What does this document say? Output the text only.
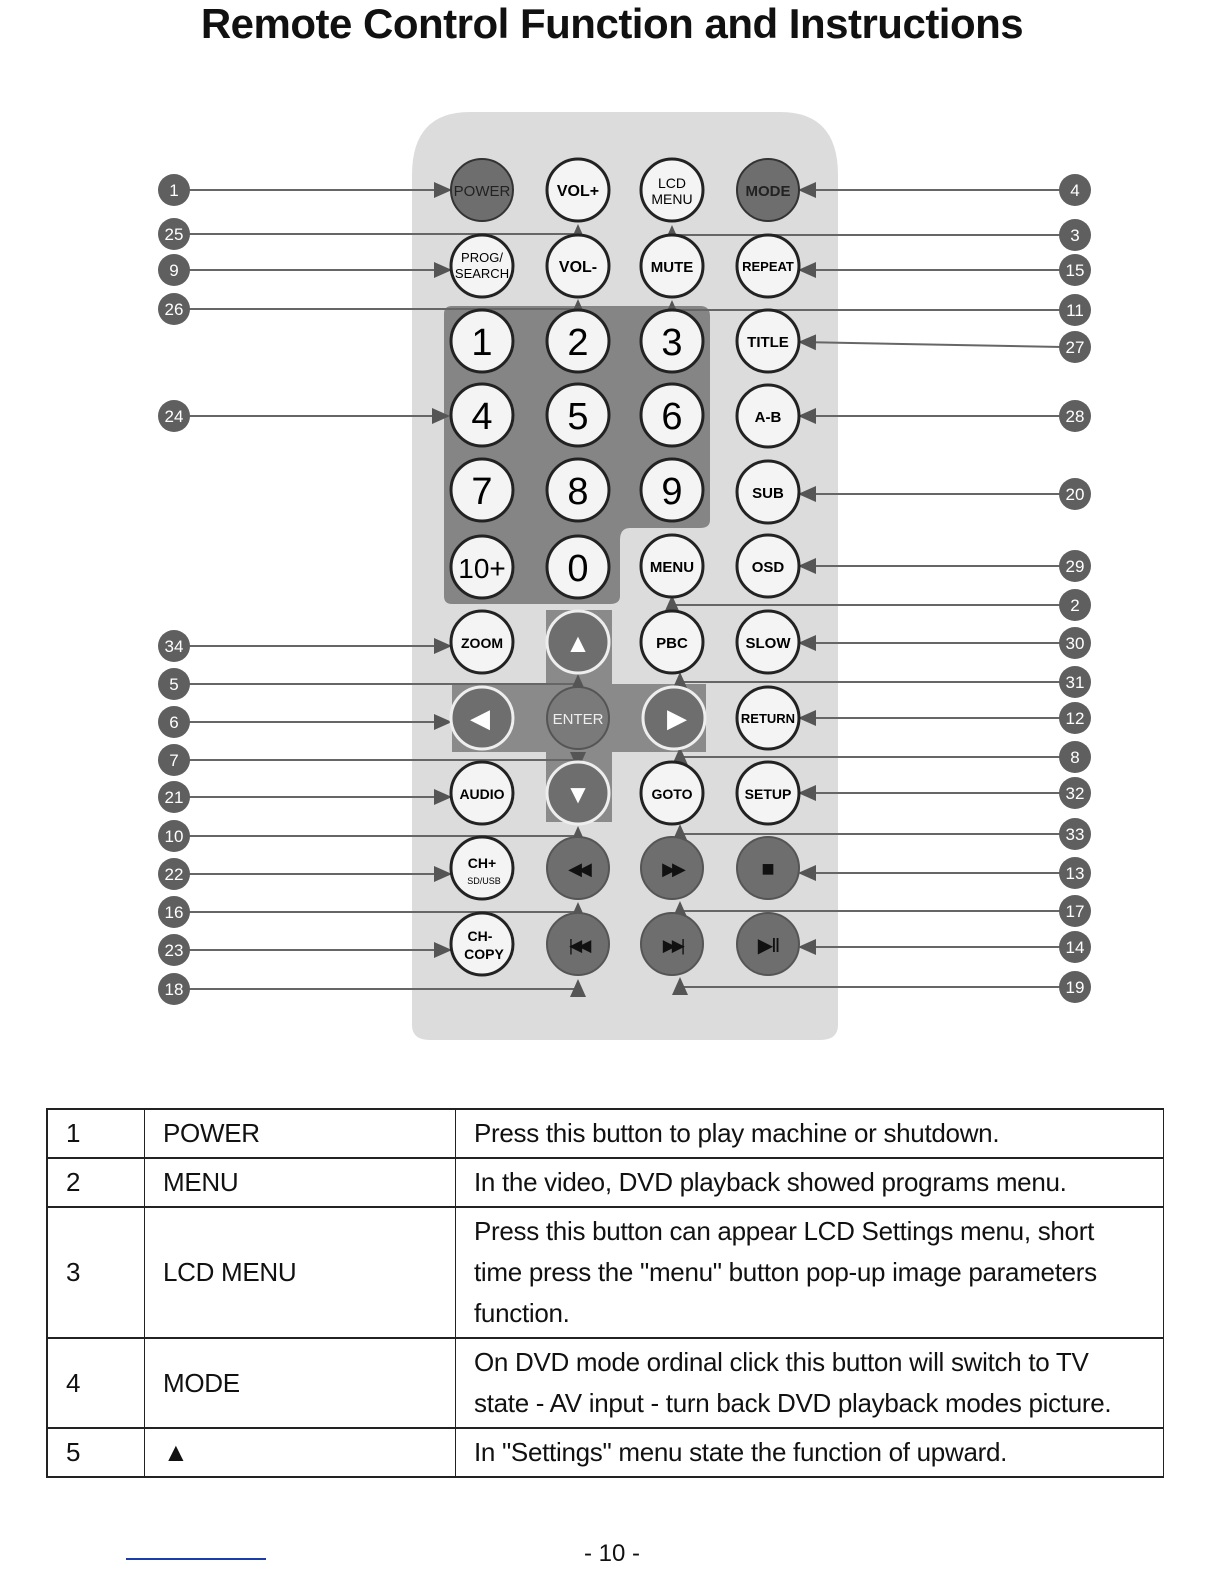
Remote Control Function and Instructions
1
25
9
26
24
34
5
6
7
21
10
22
16
23
18
4
3
15
11
27
28
20
29
2
30
31
12
8
32
33
13
17
14
19
POWER	VOL+	LCD
MENU	MODE
PROG/
SEARCH	VOL-	MUTE	REPEAT
1 2 3
4 5 6
7 8 9
10+ 0
TITLE
A-B
SUB
OSD
MENU
ZOOM ▲	PBC	SLOW
◀	ENTER ▶	RETURN
AUDIO ▼	GOTO	SETUP
CH+
SD/USB
◀◀	▶▶	■
CH-
COPY	|◀◀	▶▶|	▶II
1	POWER	Press this button to play machine or shutdown.
2	MENU	In the video, DVD playback showed programs menu.
3	LCD MENU	Press this button can appear LCD Settings menu, short time press the "menu" button pop-up image parameters function.
4	MODE	On DVD mode ordinal click this button will switch to TV state - AV input - turn back DVD playback modes picture.
5	▲	In "Settings" menu state the function of upward.
- 10 -
